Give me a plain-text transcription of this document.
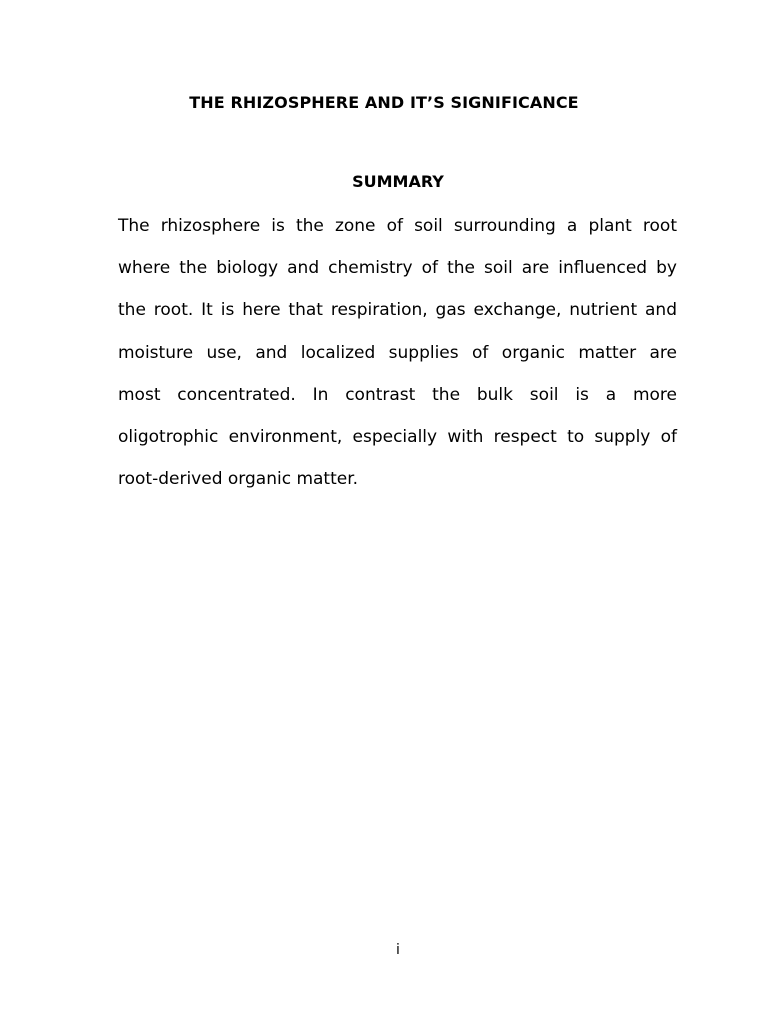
THE RHIZOSPHERE AND IT’S SIGNIFICANCE
SUMMARY

The rhizosphere is the zone of soil surrounding a plant root
where the biology and chemistry of the soil are influenced by
the root. It is here that respiration, gas exchange, nutrient and
moisture use, and localized supplies of organic matter are
most concentrated. In contrast the bulk soil is a more
oligotrophic environment, especially with respect to supply of
root-derived organic matter.

i
